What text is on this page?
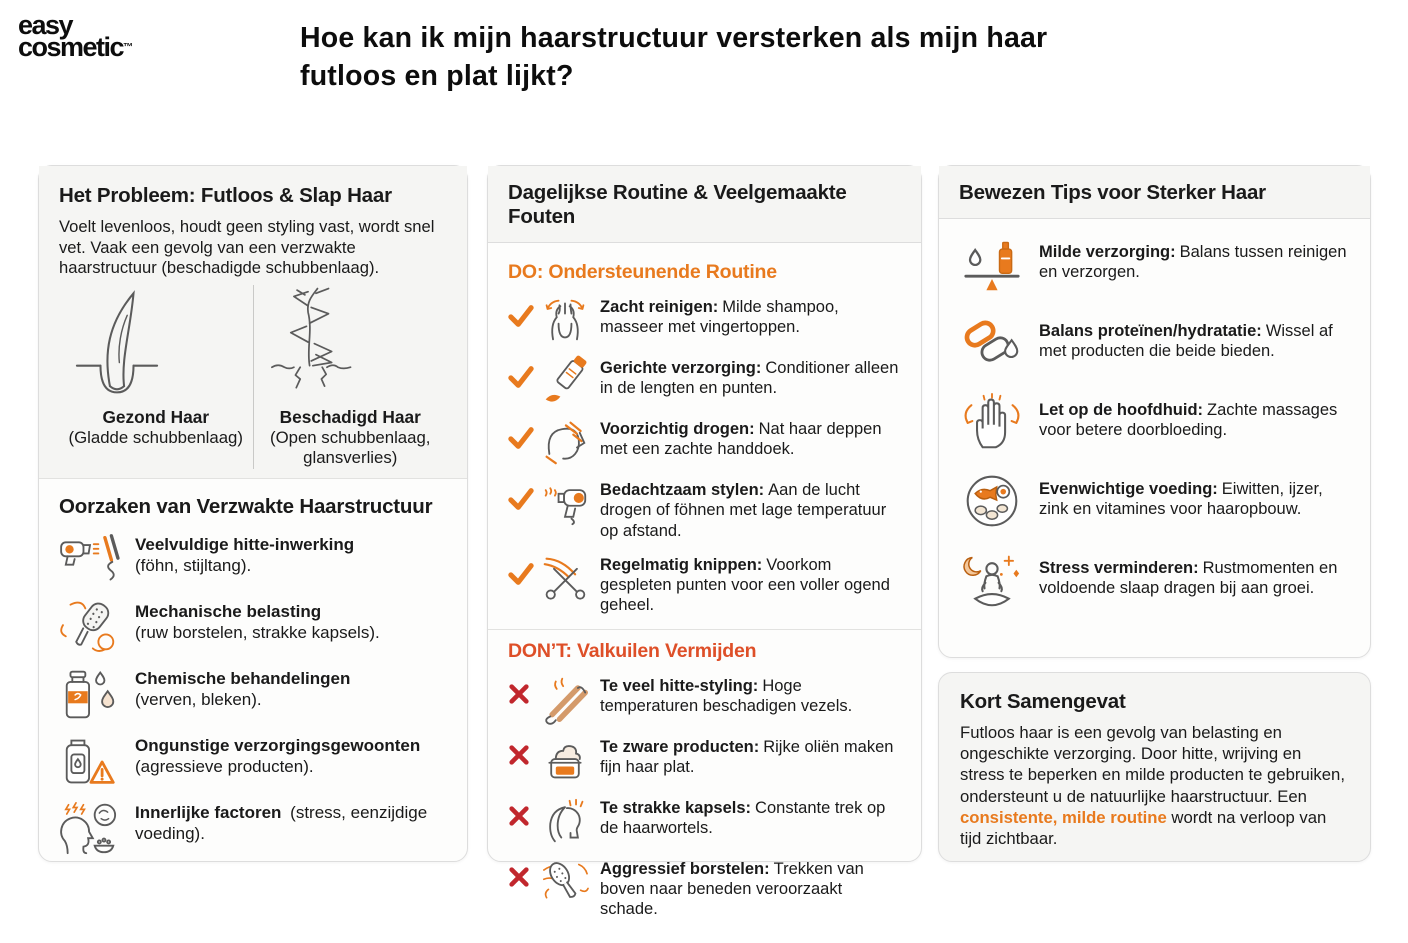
easy
cosmetic™	Hoe kan ik mijn haarstructuur versterken als mijn haar
futloos en plat lijkt?
Het Probleem: Futloos & Slap Haar

Voelt levenloos, houdt geen styling vast, wordt snel vet. Vaak een gevolg van een verzwakte haarstructuur (beschadigde schubbenlaag).

Gezond Haar
(Gladde schubbenlaag)
Beschadigd Haar
(Open schubbenlaag, glansverlies)
Oorzaken van Verzwakte Haarstructuur
Veelvuldige hitte-inwerking
(föhn, stijltang).
Mechanische belasting
(ruw borstelen, strakke kapsels).
Chemische behandelingen
(verven, bleken).
Ongunstige verzorgingsgewoonten
(agressieve producten).
Innerlijke factoren (stress, eenzijdige voeding).
Dagelijkse Routine & Veelgemaakte Fouten
DO: Ondersteunende Routine
Zacht reinigen: Milde shampoo, masseer met vingertoppen.
Gerichte verzorging: Conditioner alleen in de lengten en punten.
Voorzichtig drogen: Nat haar deppen met een zachte handdoek.
Bedachtzaam stylen: Aan de lucht drogen of föhnen met lage temperatuur op afstand.
Regelmatig knippen: Voorkom gespleten punten voor een voller ogend geheel.
DON’T: Valkuilen Vermijden
Te veel hitte-styling: Hoge temperaturen beschadigen vezels.
Te zware producten: Rijke oliën maken fijn haar plat.
Te strakke kapsels: Constante trek op de haarwortels.
Aggressief borstelen: Trekken van boven naar beneden veroorzaakt schade.
Bewezen Tips voor Sterker Haar
Milde verzorging: Balans tussen reinigen en verzorgen.
Balans proteïnen/hydratatie: Wissel af met producten die beide bieden.
Let op de hoofdhuid: Zachte massages voor betere doorbloeding.
Evenwichtige voeding: Eiwitten, ijzer, zink en vitamines voor haaropbouw.
Stress verminderen: Rustmomenten en voldoende slaap dragen bij aan groei.
Kort Samengevat

Futloos haar is een gevolg van belasting en ongeschikte verzorging. Door hitte, wrijving en stress te beperken en milde producten te gebruiken, ondersteunt u de natuurlijke haarstructuur. Een consistente, milde routine wordt na verloop van tijd zichtbaar.
